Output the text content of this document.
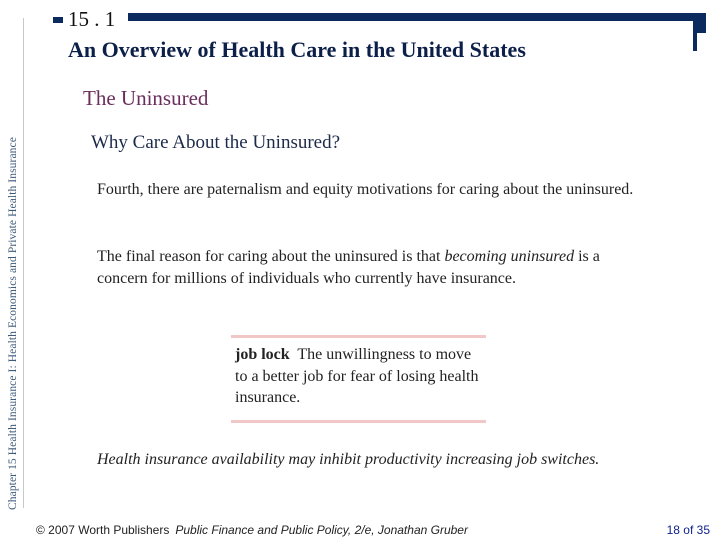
Chapter 15 Health Insurance I: Health Economics and Private Health Insurance
15 . 1
An Overview of Health Care in the United States
The Uninsured
Why Care About the Uninsured?
Fourth, there are paternalism and equity motivations for caring about the uninsured.
The final reason for caring about the uninsured is that becoming uninsured is a concern for millions of individuals who currently have insurance.
job lock The unwillingness to move to a better job for fear of losing health insurance.
Health insurance availability may inhibit productivity increasing job switches.
© 2007 Worth Publishers Public Finance and Public Policy, 2/e, Jonathan Gruber	18 of 35
